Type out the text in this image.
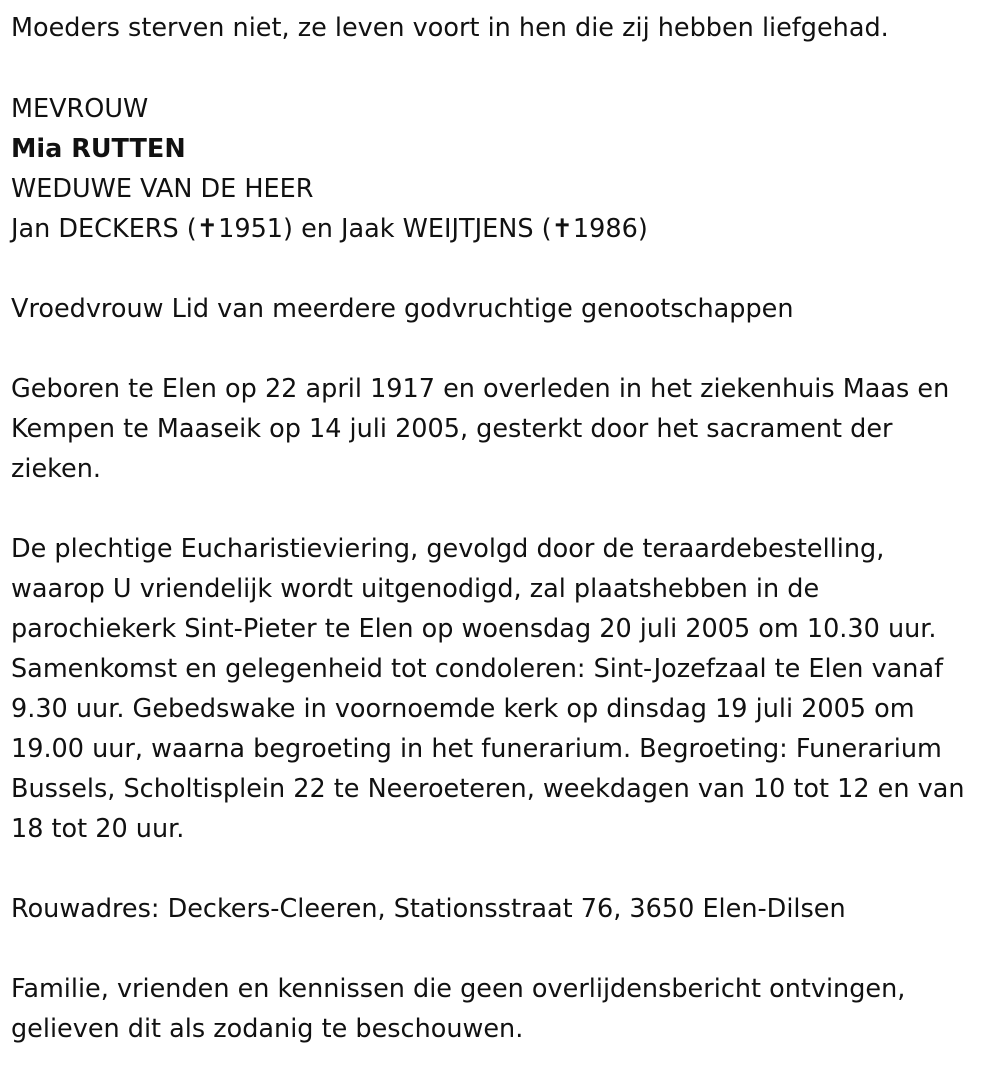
Moeders sterven niet, ze leven voort in hen die zij hebben liefgehad.
MEVROUW
Mia RUTTEN
WEDUWE VAN DE HEER
Jan DECKERS (✝1951) en Jaak WEIJTJENS (✝1986)
Vroedvrouw Lid van meerdere godvruchtige genootschappen
Geboren te Elen op 22 april 1917 en overleden in het ziekenhuis Maas en
Kempen te Maaseik op 14 juli 2005, gesterkt door het sacrament der
zieken.
De plechtige Eucharistieviering, gevolgd door de teraardebestelling,
waarop U vriendelijk wordt uitgenodigd, zal plaatshebben in de
parochiekerk Sint-Pieter te Elen op woensdag 20 juli 2005 om 10.30 uur.
Samenkomst en gelegenheid tot condoleren: Sint-Jozefzaal te Elen vanaf
9.30 uur. Gebedswake in voornoemde kerk op dinsdag 19 juli 2005 om
19.00 uur, waarna begroeting in het funerarium. Begroeting: Funerarium
Bussels, Scholtisplein 22 te Neeroeteren, weekdagen van 10 tot 12 en van
18 tot 20 uur.
Rouwadres: Deckers-Cleeren, Stationsstraat 76, 3650 Elen-Dilsen
Familie, vrienden en kennissen die geen overlijdensbericht ontvingen,
gelieven dit als zodanig te beschouwen.
